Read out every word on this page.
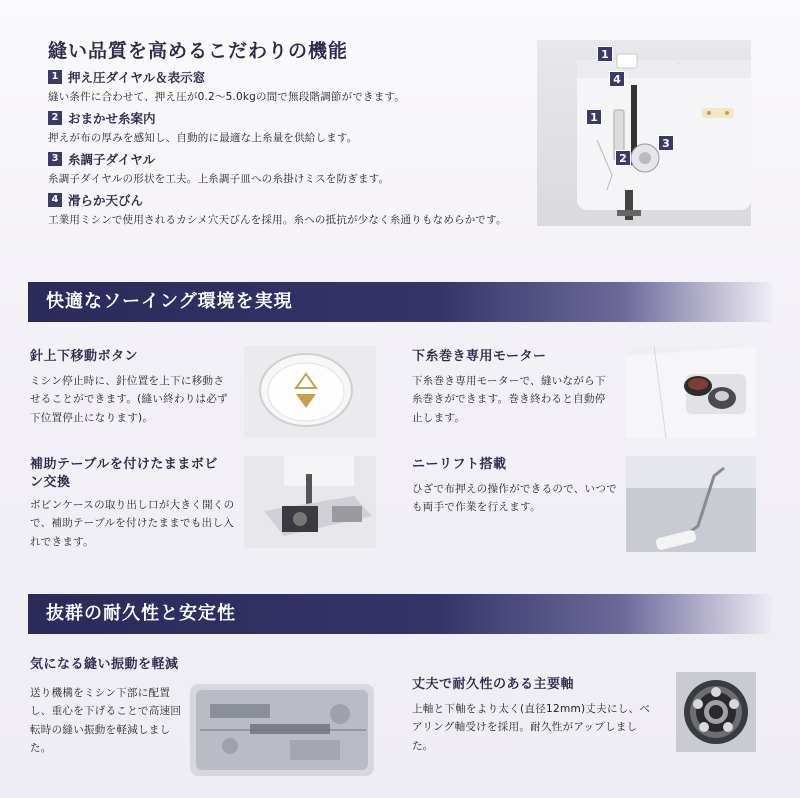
縫い品質を高めるこだわりの機能
1 押え圧ダイヤル＆表示窓
縫い条件に合わせて、押え圧が0.2〜5.0kgの間で無段階調節ができます。
2 おまかせ糸案内
押えが布の厚みを感知し、自動的に最適な上糸量を供給します。
3 糸調子ダイヤル
糸調子ダイヤルの形状を工夫。上糸調子皿への糸掛けミスを防ぎます。
4 滑らか天びん
工業用ミシンで使用されるカシメ穴天びんを採用。糸への抵抗が少なく糸通りもなめらかです。
·
1
4
1
3
2
快適なソーイング環境を実現
針上下移動ボタン
ミシン停止時に、針位置を上下に移動させることができます。(縫い終わりは必ず下位置停止になります)。
下糸巻き専用モーター
下糸巻き専用モーターで、縫いながら下糸巻きができます。巻き終わると自動停止します。
補助テーブルを付けたままボビン交換
ボビンケースの取り出し口が大きく開くので、補助テーブルを付けたままでも出し入れできます。
ニーリフト搭載
ひざで布押えの操作ができるので、いつでも両手で作業を行えます。
抜群の耐久性と安定性
気になる縫い振動を軽減
送り機構をミシン下部に配置し、重心を下げることで高速回転時の縫い振動を軽減しました。
丈夫で耐久性のある主要軸
上軸と下軸をより太く(直径12mm)丈夫にし、ベアリング軸受けを採用。耐久性がアップしました。
